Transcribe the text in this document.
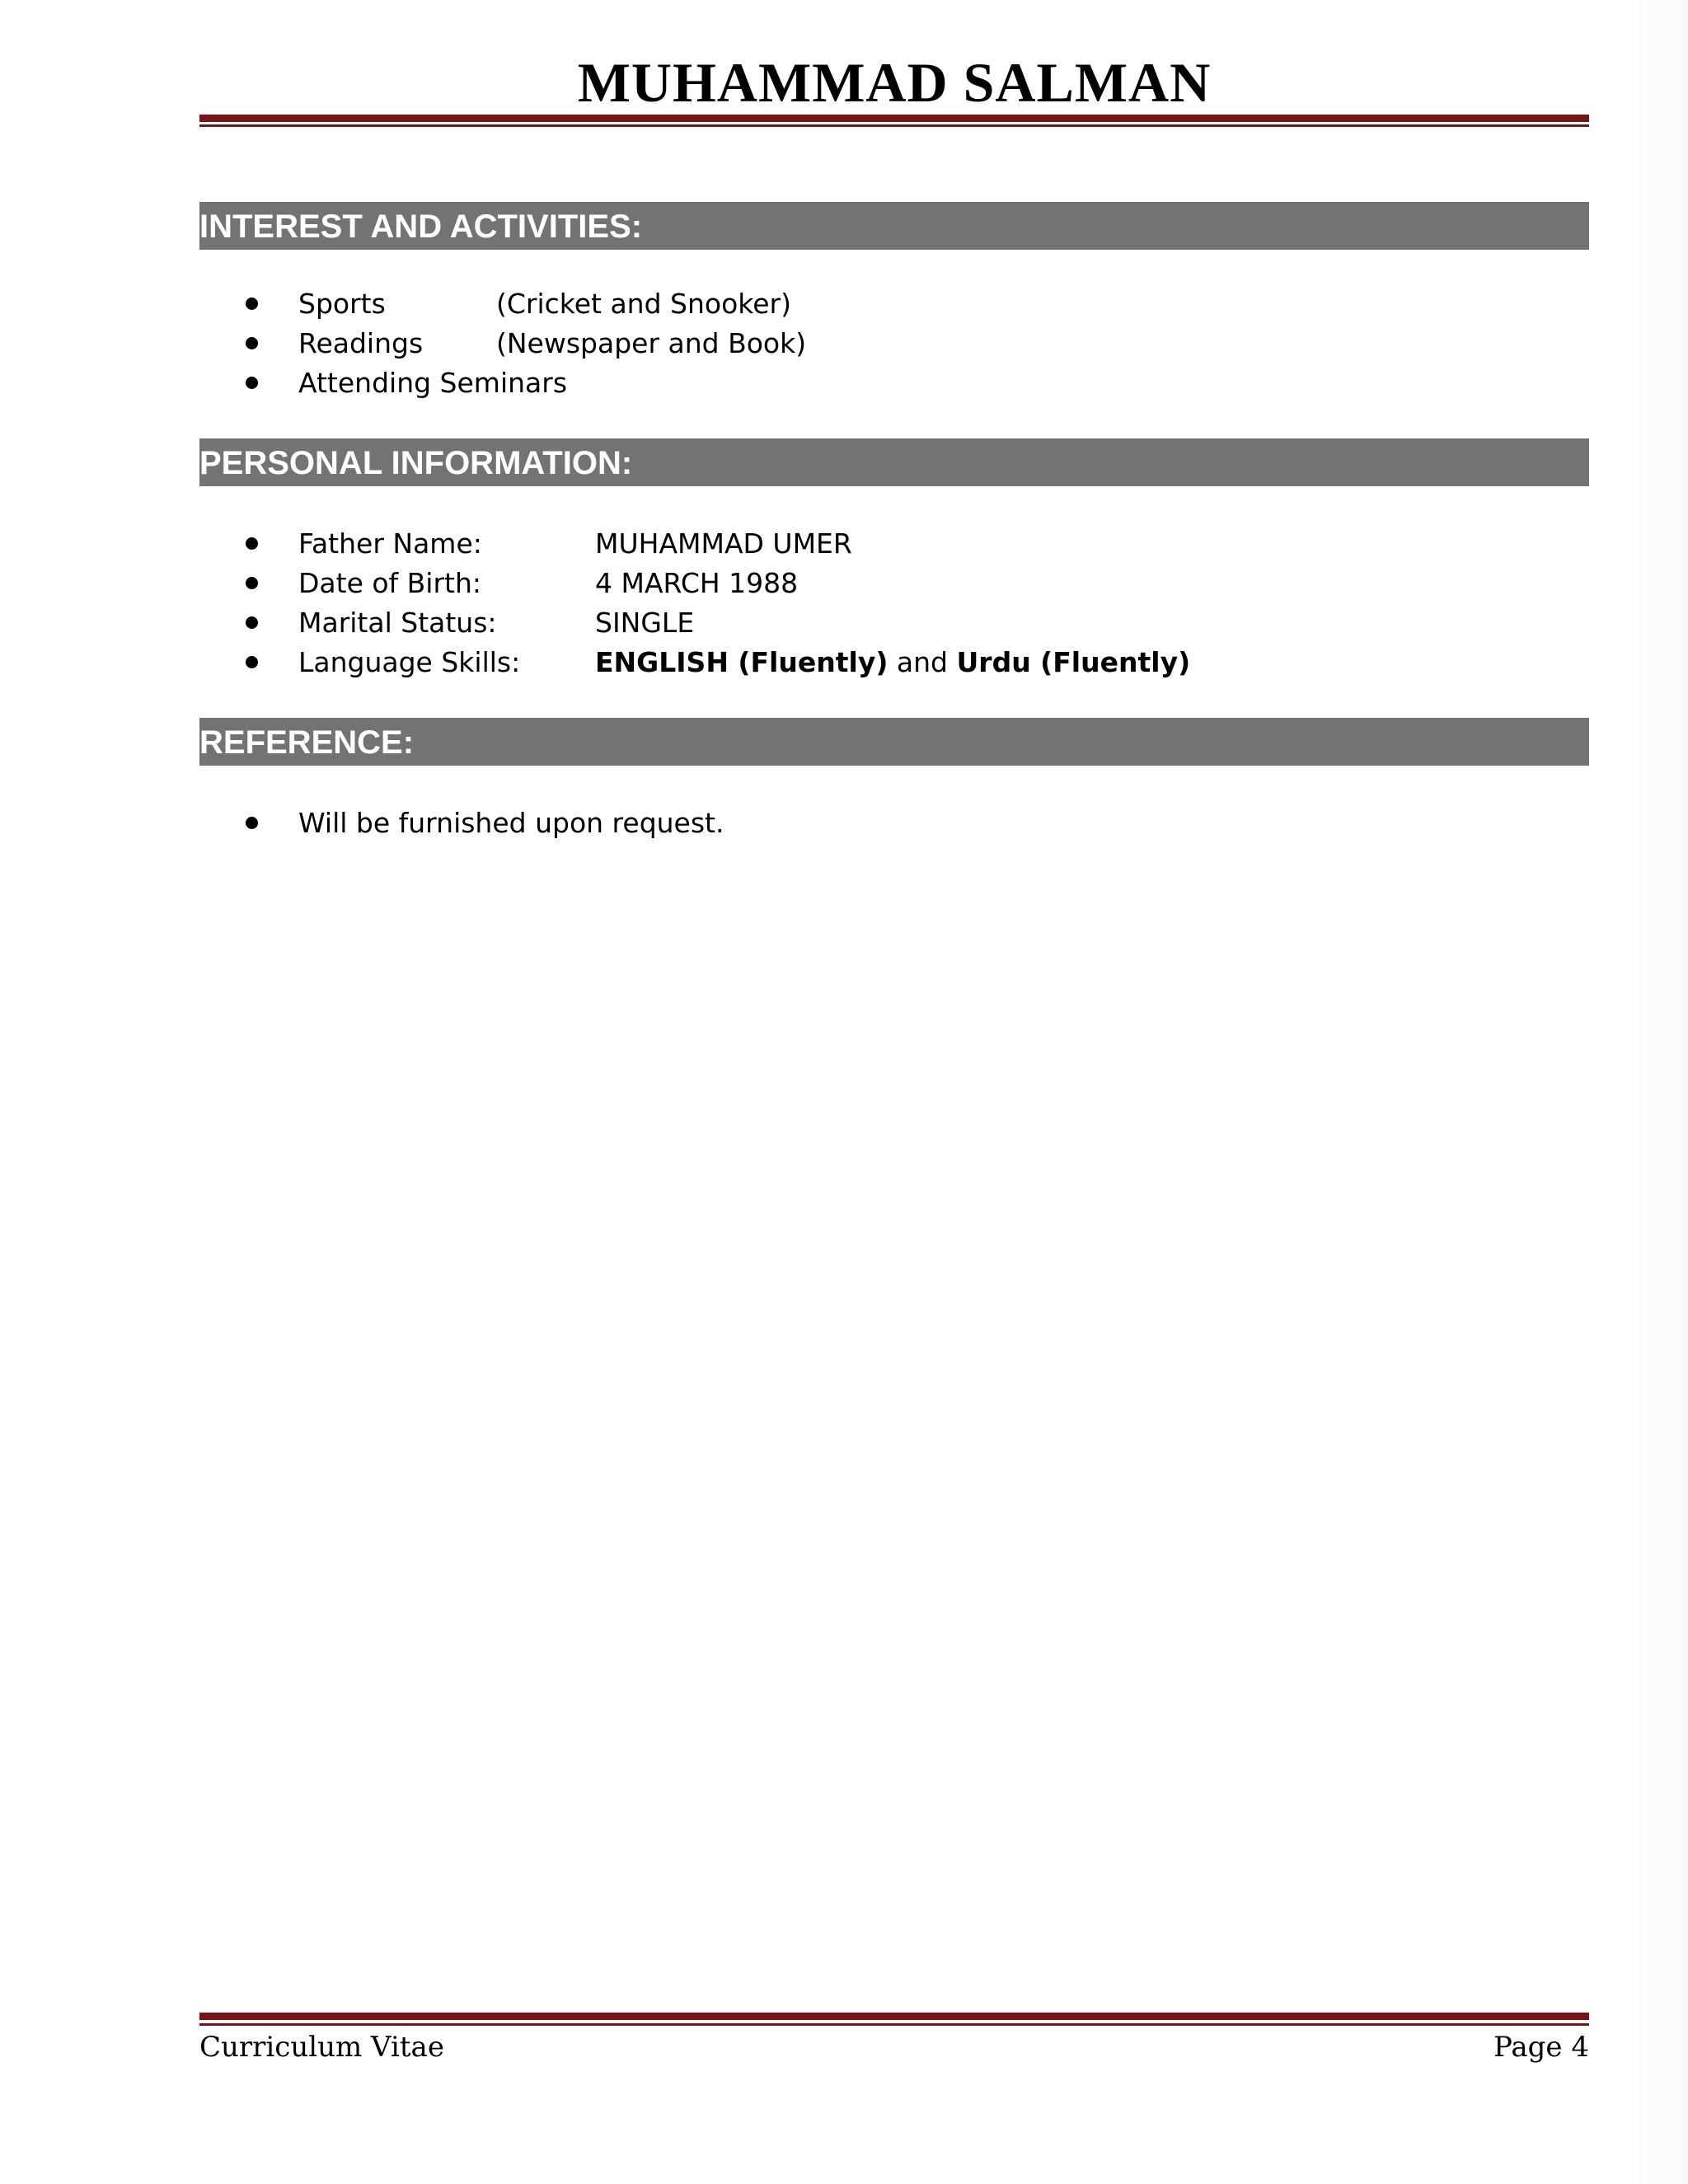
MUHAMMAD SALMAN
INTEREST AND ACTIVITIES:
Sports	(Cricket and Snooker)
Readings	(Newspaper and Book)
Attending Seminars
PERSONAL INFORMATION:
Father Name:	MUHAMMAD UMER
Date of Birth:	4 MARCH 1988
Marital Status:	SINGLE
Language Skills:	ENGLISH (Fluently) and Urdu (Fluently)
REFERENCE:
Will be furnished upon request.
Curriculum Vitae	Page 4
